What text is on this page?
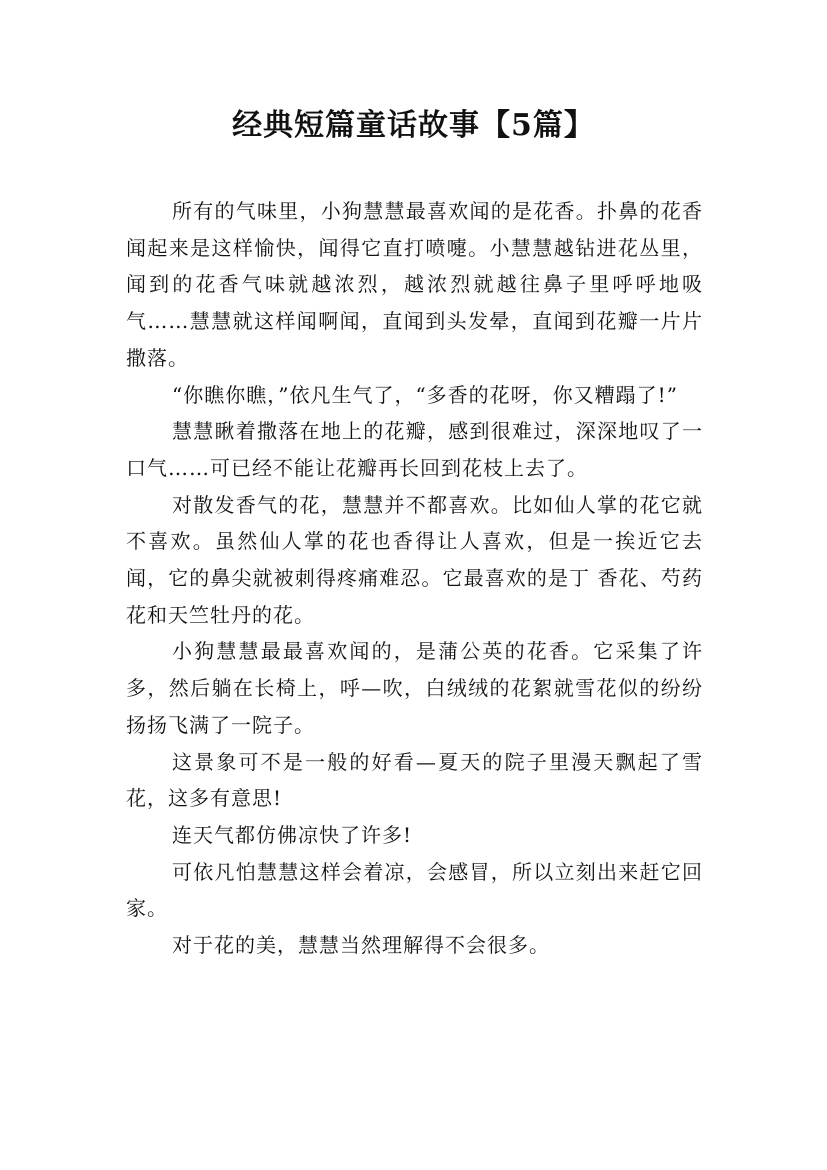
经典短篇童话故事【5篇】

所有的气味里，小狗慧慧最喜欢闻的是花香。扑鼻的花香闻起来是这样愉快，闻得它直打喷嚏。小慧慧越钻进花丛里，闻到的花香气味就越浓烈，越浓烈就越往鼻子里呼呼地吸气……慧慧就这样闻啊闻，直闻到头发晕，直闻到花瓣一片片撒落。

“你瞧你瞧，”依凡生气了，“多香的花呀，你又糟蹋了!”

慧慧瞅着撒落在地上的花瓣，感到很难过，深深地叹了一口气……可已经不能让花瓣再长回到花枝上去了。

对散发香气的花，慧慧并不都喜欢。比如仙人掌的花它就不喜欢。虽然仙人掌的花也香得让人喜欢，但是一挨近它去闻，它的鼻尖就被刺得疼痛难忍。它最喜欢的是丁 香花、芍药花和天竺牡丹的花。

小狗慧慧最最喜欢闻的，是蒲公英的花香。它采集了许多，然后躺在长椅上，呼—吹，白绒绒的花絮就雪花似的纷纷扬扬飞满了一院子。

这景象可不是一般的好看—夏天的院子里漫天飘起了雪花，这多有意思!

连天气都仿佛凉快了许多!

可依凡怕慧慧这样会着凉，会感冒，所以立刻出来赶它回家。

对于花的美，慧慧当然理解得不会很多。
